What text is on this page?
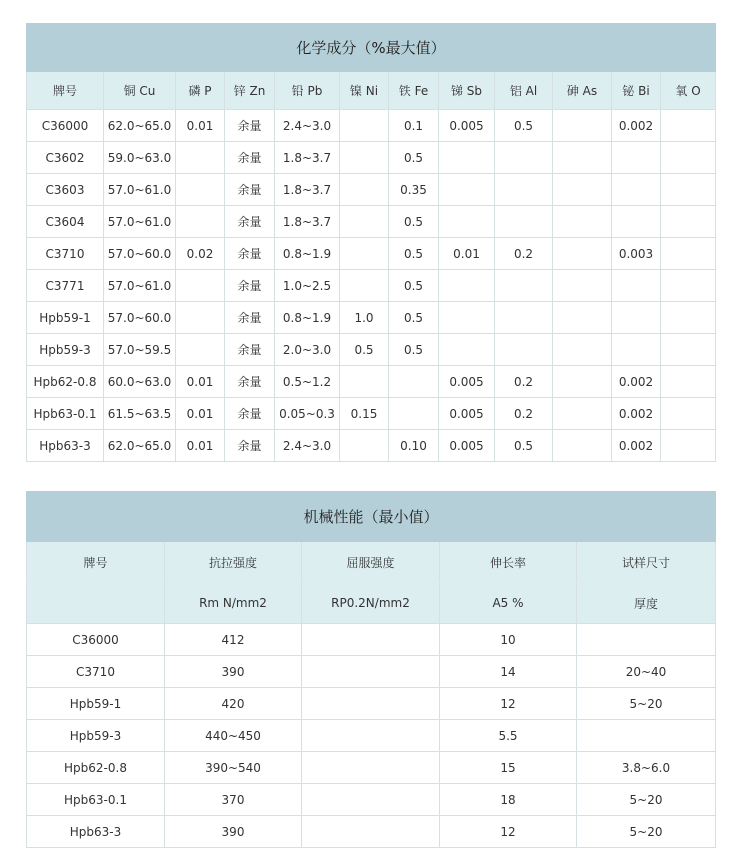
化学成分（%最大值）											
牌号	铜 Cu	磷 P	锌 Zn	铅 Pb	镍 Ni	铁 Fe	锑 Sb	铝 Al	砷 As	铋 Bi	氧 O
C36000	62.0~65.0	0.01	余量	2.4~3.0		0.1	0.005	0.5		0.002	
C3602	59.0~63.0		余量	1.8~3.7		0.5					
C3603	57.0~61.0		余量	1.8~3.7		0.35					
C3604	57.0~61.0		余量	1.8~3.7		0.5					
C3710	57.0~60.0	0.02	余量	0.8~1.9		0.5	0.01	0.2		0.003	
C3771	57.0~61.0		余量	1.0~2.5		0.5					
Hpb59-1	57.0~60.0		余量	0.8~1.9	1.0	0.5					
Hpb59-3	57.0~59.5		余量	2.0~3.0	0.5	0.5					
Hpb62-0.8	60.0~63.0	0.01	余量	0.5~1.2			0.005	0.2		0.002	
Hpb63-0.1	61.5~63.5	0.01	余量	0.05~0.3	0.15		0.005	0.2		0.002	
Hpb63-3	62.0~65.0	0.01	余量	2.4~3.0		0.10	0.005	0.5		0.002	
机械性能（最小值）				
牌号	抗拉强度	屈服强度	伸长率	试样尺寸
	Rm N/mm2	RP0.2N/mm2	A5 %	厚度
C36000	412		10	
C3710	390		14	20~40
Hpb59-1	420		12	5~20
Hpb59-3	440~450		5.5	
Hpb62-0.8	390~540		15	3.8~6.0
Hpb63-0.1	370		18	5~20
Hpb63-3	390		12	5~20
